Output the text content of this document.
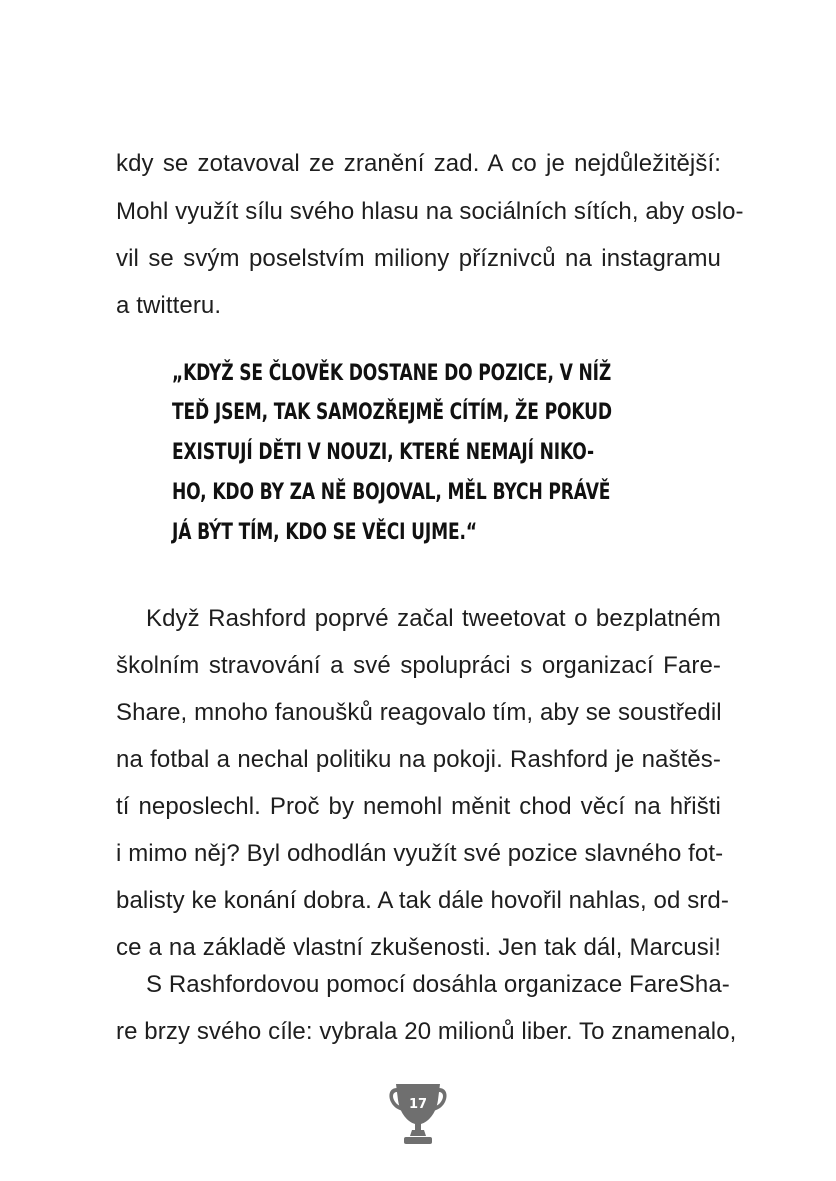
kdy se zotavoval ze zranění zad. A co je nejdůležitější:
Mohl využít sílu svého hlasu na sociálních sítích, aby oslo-
vil se svým poselstvím miliony příznivců na instagramu
a twitteru.
„KDYŽ SE ČLOVĚK DOSTANE DO POZICE, V NÍŽ
TEĎ JSEM, TAK SAMOZŘEJMĚ CÍTÍM, ŽE POKUD
EXISTUJÍ DĚTI V NOUZI, KTERÉ NEMAJÍ NIKO-
HO, KDO BY ZA NĚ BOJOVAL, MĚL BYCH PRÁVĚ
JÁ BÝT TÍM, KDO SE VĚCI UJME.“
Když Rashford poprvé začal tweetovat o bezplatném
školním stravování a své spolupráci s organizací Fare-
Share, mnoho fanoušků reagovalo tím, aby se soustředil
na fotbal a nechal politiku na pokoji. Rashford je naštěs-
tí neposlechl. Proč by nemohl měnit chod věcí na hřišti
i mimo něj? Byl odhodlán využít své pozice slavného fot-
balisty ke konání dobra. A tak dále hovořil nahlas, od srd-
ce a na základě vlastní zkušenosti. Jen tak dál, Marcusi!
S Rashfordovou pomocí dosáhla organizace FareSha-
re brzy svého cíle: vybrala 20 milionů liber. To znamenalo,
17
